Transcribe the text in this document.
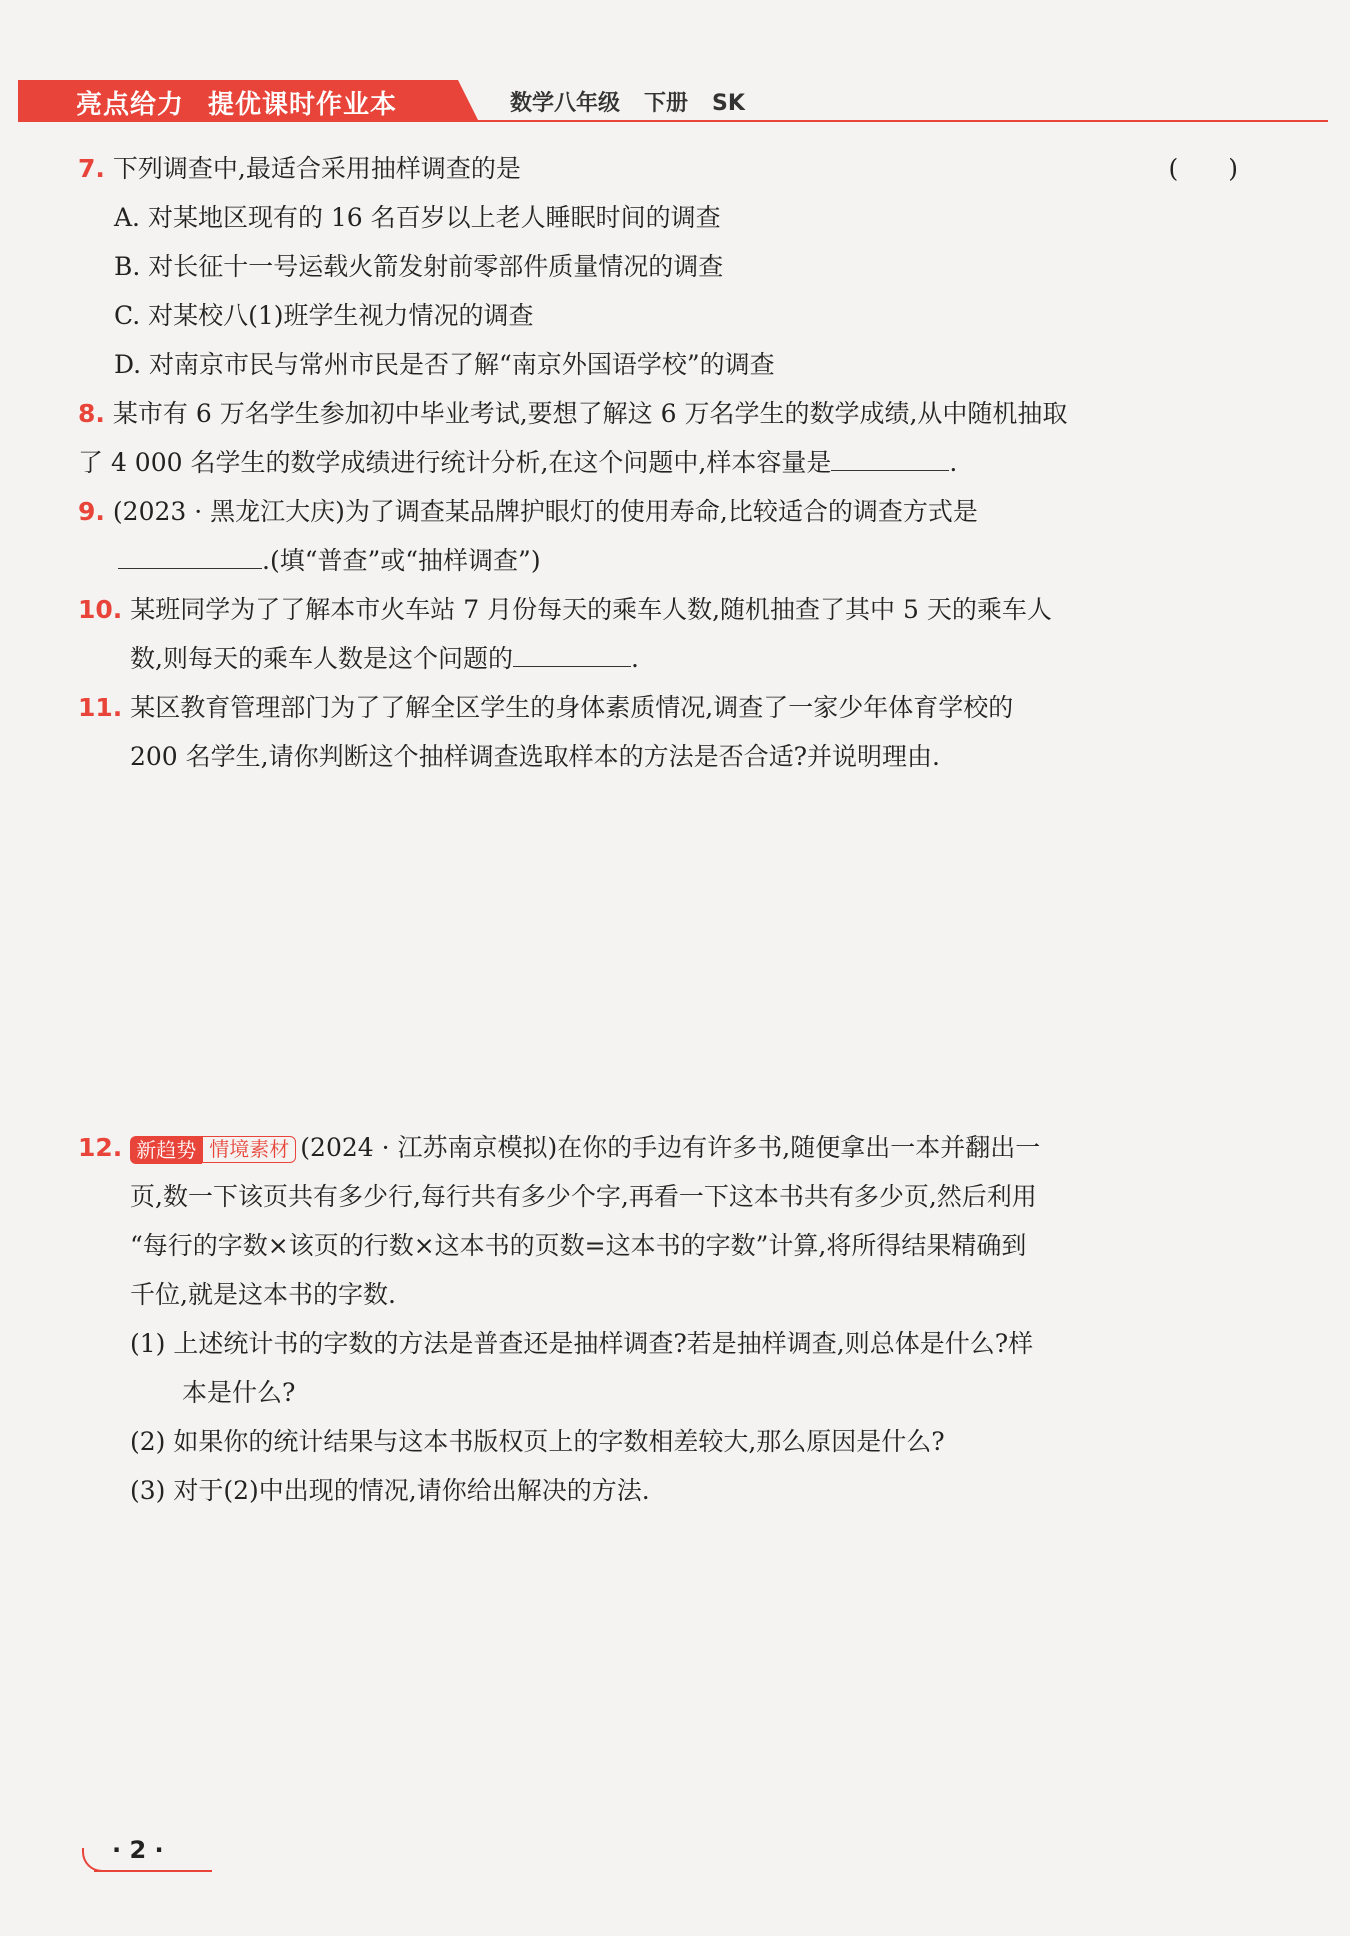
亮点给力 提优课时作业本	数学八年级 下册 SK
7. 下列调查中,最适合采用抽样调查的是	(　　)
A. 对某地区现有的 16 名百岁以上老人睡眠时间的调查
B. 对长征十一号运载火箭发射前零部件质量情况的调查
C. 对某校八(1)班学生视力情况的调查
D. 对南京市民与常州市民是否了解“南京外国语学校”的调查
8. 某市有 6 万名学生参加初中毕业考试,要想了解这 6 万名学生的数学成绩,从中随机抽取
了 4 000 名学生的数学成绩进行统计分析,在这个问题中,样本容量是	.
9. (2023 · 黑龙江大庆)为了调查某品牌护眼灯的使用寿命,比较适合的调查方式是
.(填“普查”或“抽样调查”)
10. 某班同学为了了解本市火车站 7 月份每天的乘车人数,随机抽查了其中 5 天的乘车人
数,则每天的乘车人数是这个问题的	.
11. 某区教育管理部门为了了解全区学生的身体素质情况,调查了一家少年体育学校的
200 名学生,请你判断这个抽样调查选取样本的方法是否合适?并说明理由.
12. 新趋势 情境素材 (2024 · 江苏南京模拟)在你的手边有许多书,随便拿出一本并翻出一
页,数一下该页共有多少行,每行共有多少个字,再看一下这本书共有多少页,然后利用
“每行的字数×该页的行数×这本书的页数=这本书的字数”计算,将所得结果精确到
千位,就是这本书的字数.
(1) 上述统计书的字数的方法是普查还是抽样调查?若是抽样调查,则总体是什么?样
本是什么?
(2) 如果你的统计结果与这本书版权页上的字数相差较大,那么原因是什么?
(3) 对于(2)中出现的情况,请你给出解决的方法.
· 2 ·
